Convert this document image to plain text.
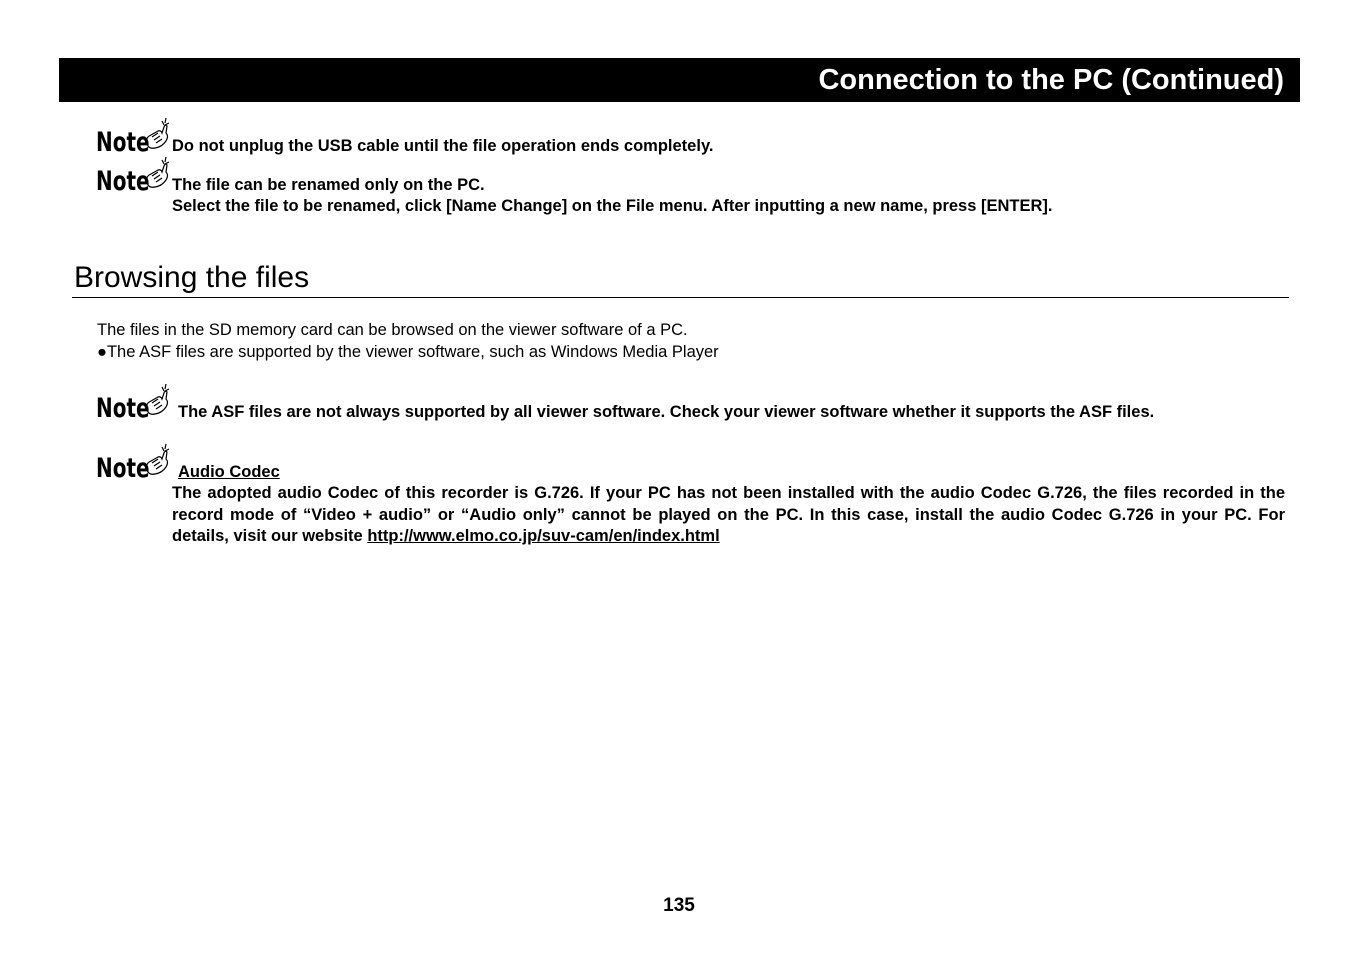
Connection to the PC (Continued)
Note Do not unplug the USB cable until the file operation ends completely.
Note The file can be renamed only on the PC.
Select the file to be renamed, click [Name Change] on the File menu. After inputting a new name, press [ENTER].
Browsing the files
The files in the SD memory card can be browsed on the viewer software of a PC.
●The ASF files are supported by the viewer software, such as Windows Media Player
Note The ASF files are not always supported by all viewer software. Check your viewer software whether it supports the ASF files.
Note Audio Codec
The adopted audio Codec of this recorder is G.726. If your PC has not been installed with the audio Codec G.726, the files recorded in the record mode of “Video + audio” or “Audio only” cannot be played on the PC. In this case, install the audio Codec G.726 in your PC. For details, visit our website http://www.elmo.co.jp/suv-cam/en/index.html
135
